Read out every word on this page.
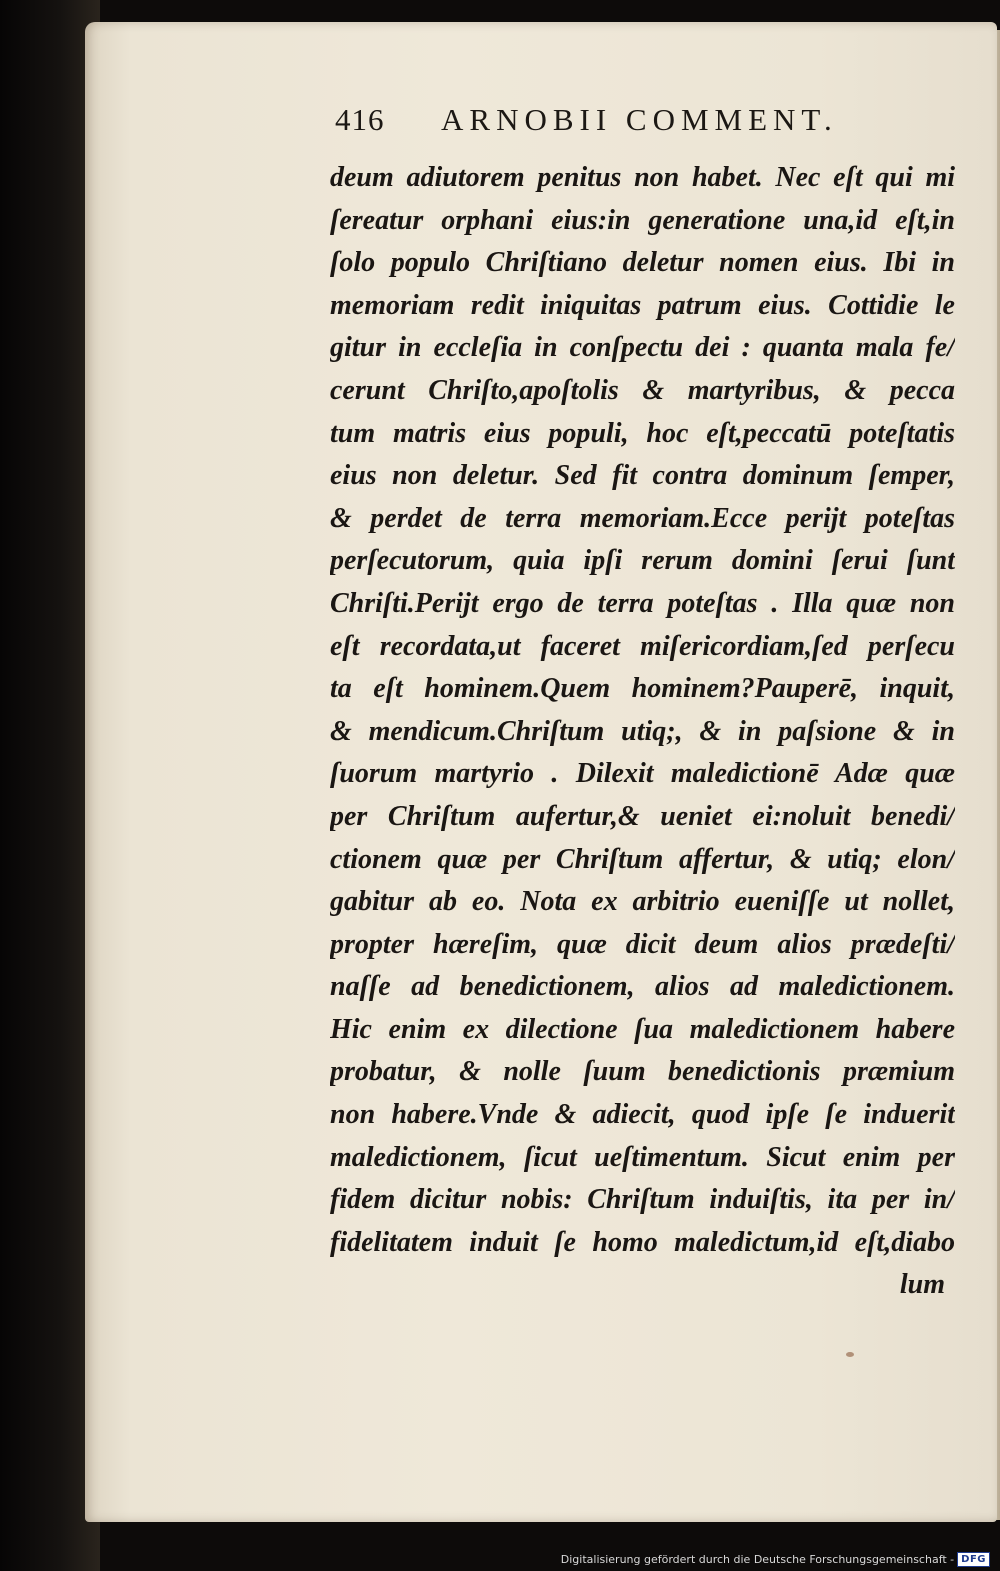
416 ARNOBII COMMENT.
deum adiutorem penitus non habet. Nec eſt qui mi
ſereatur orphani eius:in generatione una,id eſt,in
ſolo populo Chriſtiano deletur nomen eius. Ibi in
memoriam redit iniquitas patrum eius. Cottidie le
gitur in eccleſia in conſpectu dei : quanta mala fe/
cerunt Chriſto,apoſtolis & martyribus, & pecca
tum matris eius populi, hoc eſt,peccatū poteſtatis
eius non deletur. Sed fit contra dominum ſemper,
& perdet de terra memoriam.Ecce perijt poteſtas
perſecutorum, quia ipſi rerum domini ſerui ſunt
Chriſti.Perijt ergo de terra poteſtas . Illa quæ non
eſt recordata,ut faceret miſericordiam,ſed perſecu
ta eſt hominem.Quem hominem?Pauperē, inquit,
& mendicum.Chriſtum utiq;, & in paſsione & in
ſuorum martyrio . Dilexit maledictionē Adæ quæ
per Chriſtum aufertur,& ueniet ei:noluit benedi/
ctionem quæ per Chriſtum affertur, & utiq; elon/
gabitur ab eo. Nota ex arbitrio eueniſſe ut nollet,
propter hæreſim, quæ dicit deum alios prædeſti/
naſſe ad benedictionem, alios ad maledictionem.
Hic enim ex dilectione ſua maledictionem habere
probatur, & nolle ſuum benedictionis præmium
non habere.Vnde & adiecit, quod ipſe ſe induerit
maledictionem, ſicut ueſtimentum. Sicut enim per
fidem dicitur nobis: Chriſtum induiſtis, ita per in/
fidelitatem induit ſe homo maledictum,id eſt,diabo
lum
Digitalisierung gefördert durch die Deutsche Forschungsgemeinschaft - DFG
